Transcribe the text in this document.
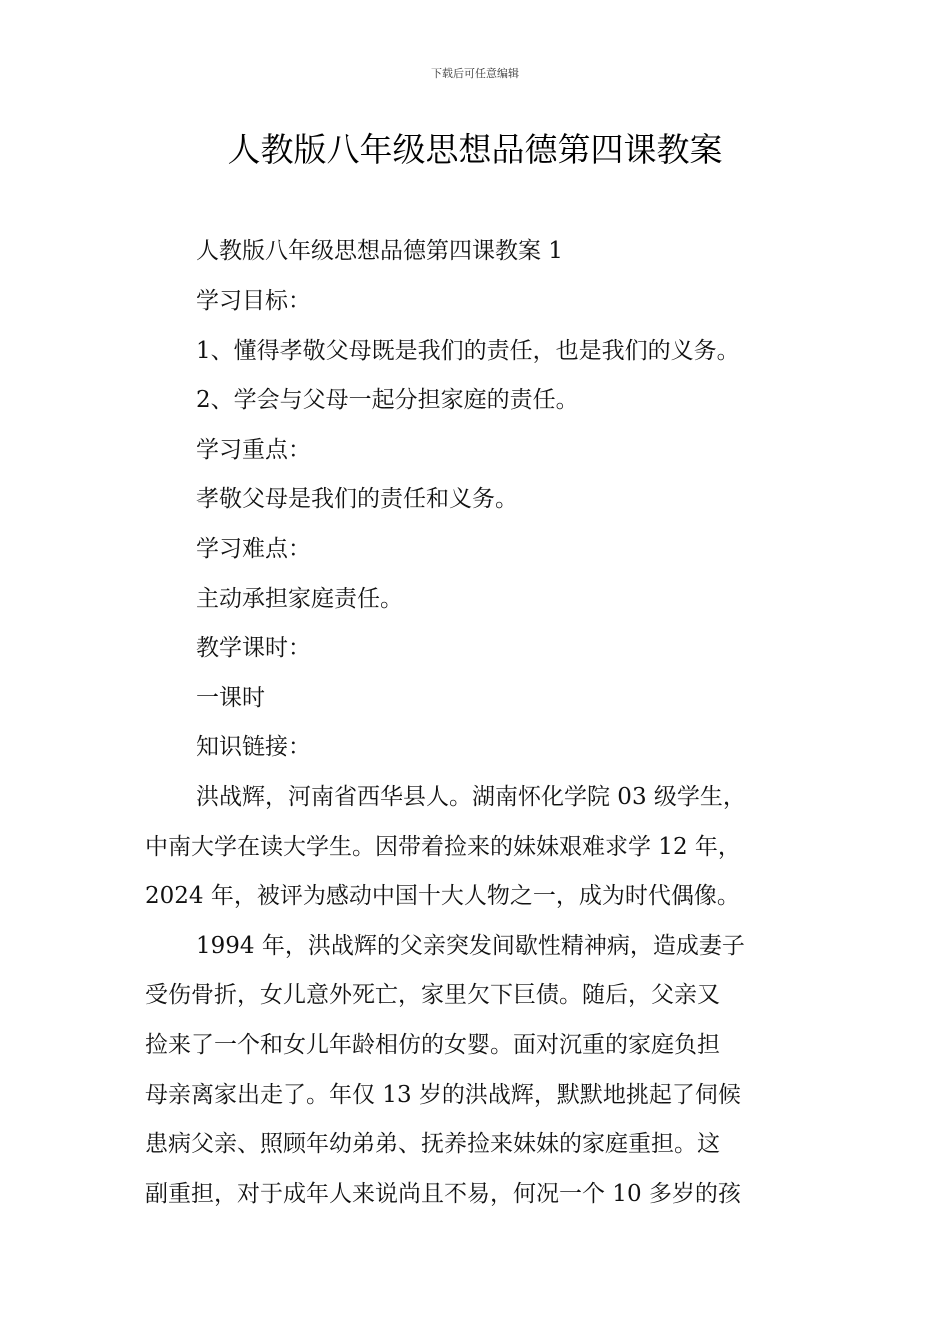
下载后可任意编辑
人教版八年级思想品德第四课教案

人教版八年级思想品德第四课教案 1

学习目标：

1、懂得孝敬父母既是我们的责任，也是我们的义务。

2、学会与父母一起分担家庭的责任。

学习重点：

孝敬父母是我们的责任和义务。

学习难点：

主动承担家庭责任。

教学课时：

一课时

知识链接：

洪战辉，河南省西华县人。湖南怀化学院 03 级学生，

中南大学在读大学生。因带着捡来的妹妹艰难求学 12 年，

2024 年，被评为感动中国十大人物之一，成为时代偶像。

1994 年，洪战辉的父亲突发间歇性精神病，造成妻子

受伤骨折，女儿意外死亡，家里欠下巨债。随后，父亲又

捡来了一个和女儿年龄相仿的女婴。面对沉重的家庭负担

母亲离家出走了。年仅 13 岁的洪战辉，默默地挑起了伺候

患病父亲、照顾年幼弟弟、抚养捡来妹妹的家庭重担。这

副重担，对于成年人来说尚且不易，何况一个 10 多岁的孩
